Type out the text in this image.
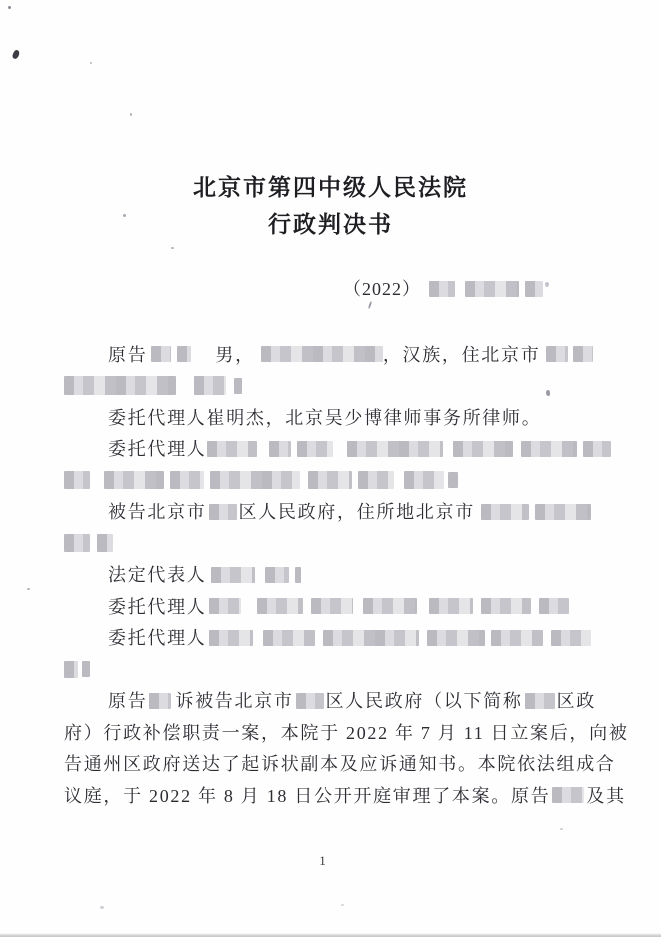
北京市第四中级人民法院
行政判决书
（2022）
原告	男，	，汉族，住北京市
委托代理人崔明杰，北京吴少博律师事务所律师。
委托代理人
被告北京市 区人民政府，住所地北京市
法定代表人
委托代理人
委托代理人
原告 诉被告北京市 区人民政府（以下简称 区政
府）行政补偿职责一案，本院于 2022 年 7 月 11 日立案后，向被
告通州区政府送达了起诉状副本及应诉通知书。本院依法组成合
议庭，于 2022 年 8 月 18 日公开开庭审理了本案。原告 及其
1
